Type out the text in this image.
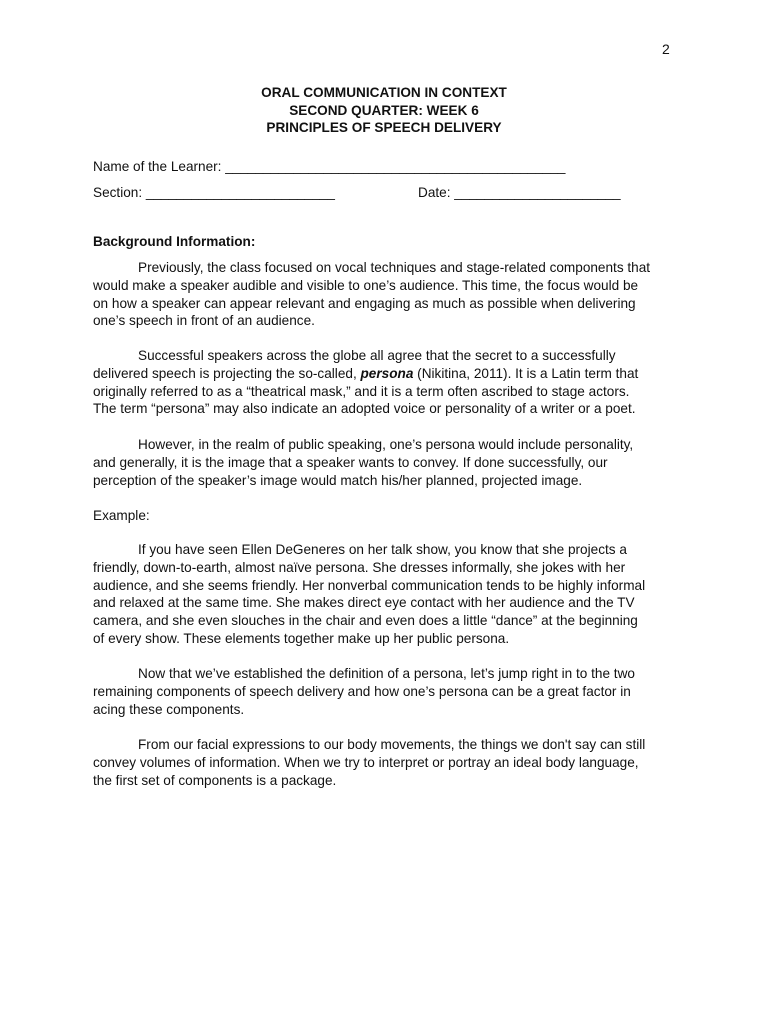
2
ORAL COMMUNICATION IN CONTEXT
SECOND QUARTER: WEEK 6
PRINCIPLES OF SPEECH DELIVERY
Name of the Learner: _____________________________________________
Section: _________________________	Date: ______________________
Background Information:
Previously, the class focused on vocal techniques and stage-related components that
would make a speaker audible and visible to one’s audience. This time, the focus would be
on how a speaker can appear relevant and engaging as much as possible when delivering
one’s speech in front of an audience.
Successful speakers across the globe all agree that the secret to a successfully
delivered speech is projecting the so-called, persona (Nikitina, 2011). It is a Latin term that
originally referred to as a “theatrical mask,” and it is a term often ascribed to stage actors.
The term “persona” may also indicate an adopted voice or personality of a writer or a poet.
However, in the realm of public speaking, one’s persona would include personality,
and generally, it is the image that a speaker wants to convey. If done successfully, our
perception of the speaker’s image would match his/her planned, projected image.
Example:
If you have seen Ellen DeGeneres on her talk show, you know that she projects a
friendly, down-to-earth, almost naïve persona. She dresses informally, she jokes with her
audience, and she seems friendly. Her nonverbal communication tends to be highly informal
and relaxed at the same time. She makes direct eye contact with her audience and the TV
camera, and she even slouches in the chair and even does a little “dance” at the beginning
of every show. These elements together make up her public persona.
Now that we’ve established the definition of a persona, let’s jump right in to the two
remaining components of speech delivery and how one’s persona can be a great factor in
acing these components.
From our facial expressions to our body movements, the things we don't say can still
convey volumes of information. When we try to interpret or portray an ideal body language,
the first set of components is a package.
